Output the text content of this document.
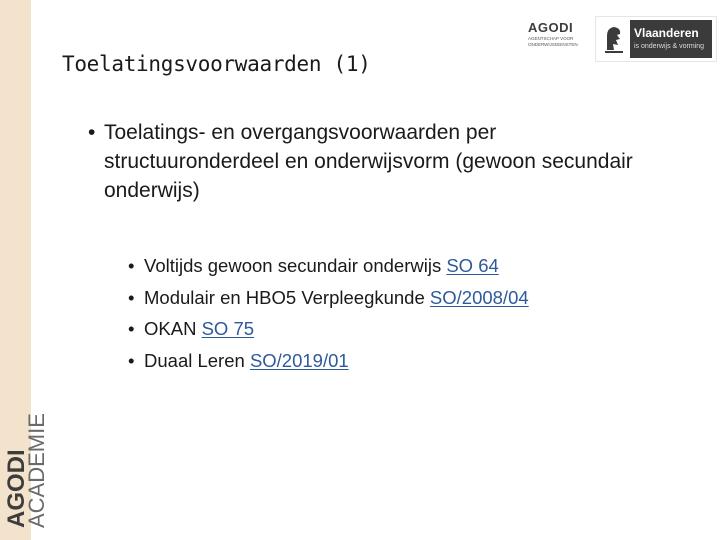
AGODI
ACADEMIE
Toelatingsvoorwaarden (1)
AGODI
AGENTSCHAP VOOR ONDERWIJSDIENSTEN
Vlaanderen
is onderwijs & vorming
• Toelatings- en overgangsvoorwaarden per structuuronderdeel en onderwijsvorm (gewoon secundair onderwijs)
• Voltijds gewoon secundair onderwijs SO 64
• Modulair en HBO5 Verpleegkunde SO/2008/04
• OKAN SO 75
• Duaal Leren SO/2019/01
